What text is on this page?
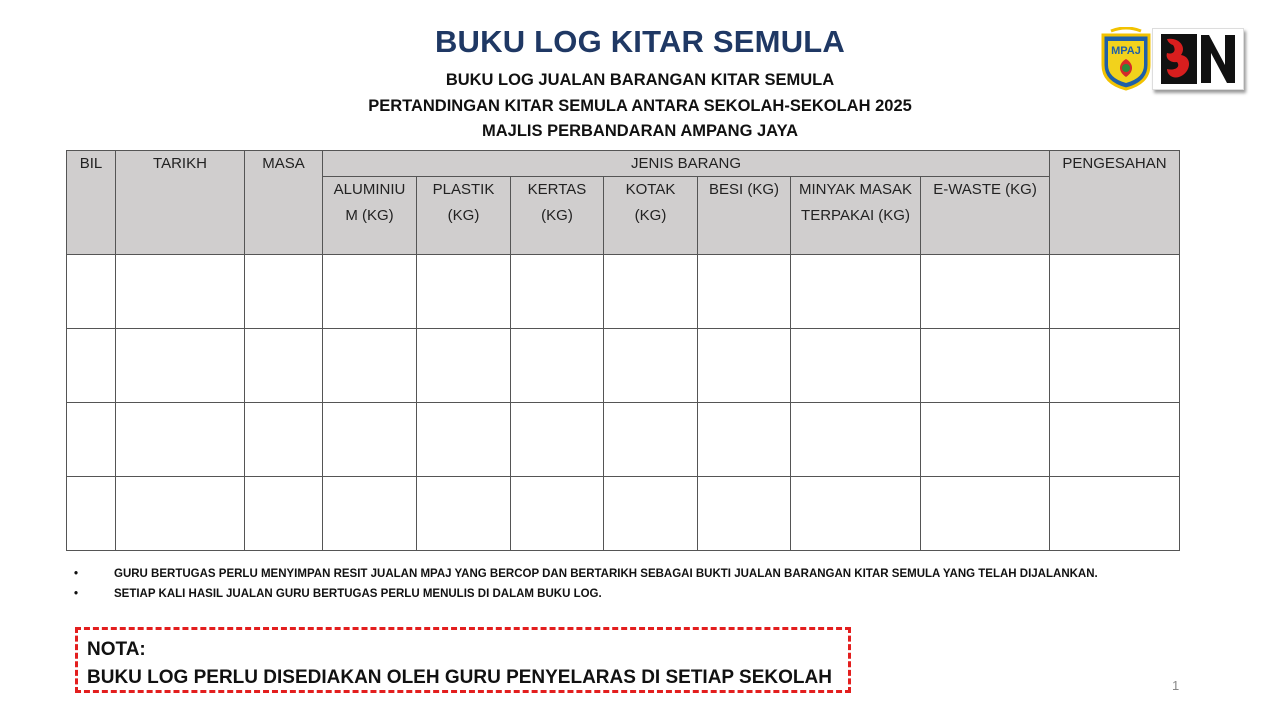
BUKU LOG KITAR SEMULA
BUKU LOG JUALAN BARANGAN KITAR SEMULA
PERTANDINGAN KITAR SEMULA ANTARA SEKOLAH-SEKOLAH 2025
MAJLIS PERBANDARAN AMPANG JAYA
MPAJ
BIL	TARIKH	MASA	JENIS BARANG							PENGESAHAN
			ALUMINIU M (KG)	PLASTIK (KG)	KERTAS (KG)	KOTAK (KG)	BESI (KG)	MINYAK MASAK TERPAKAI (KG)	E-WASTE (KG)	

•	GURU BERTUGAS PERLU MENYIMPAN RESIT JUALAN MPAJ YANG BERCOP DAN BERTARIKH SEBAGAI BUKTI JUALAN BARANGAN KITAR SEMULA YANG TELAH DIJALANKAN.
•	SETIAP KALI HASIL JUALAN GURU BERTUGAS PERLU MENULIS DI DALAM BUKU LOG.
NOTA:
BUKU LOG PERLU DISEDIAKAN OLEH GURU PENYELARAS DI SETIAP SEKOLAH	1
